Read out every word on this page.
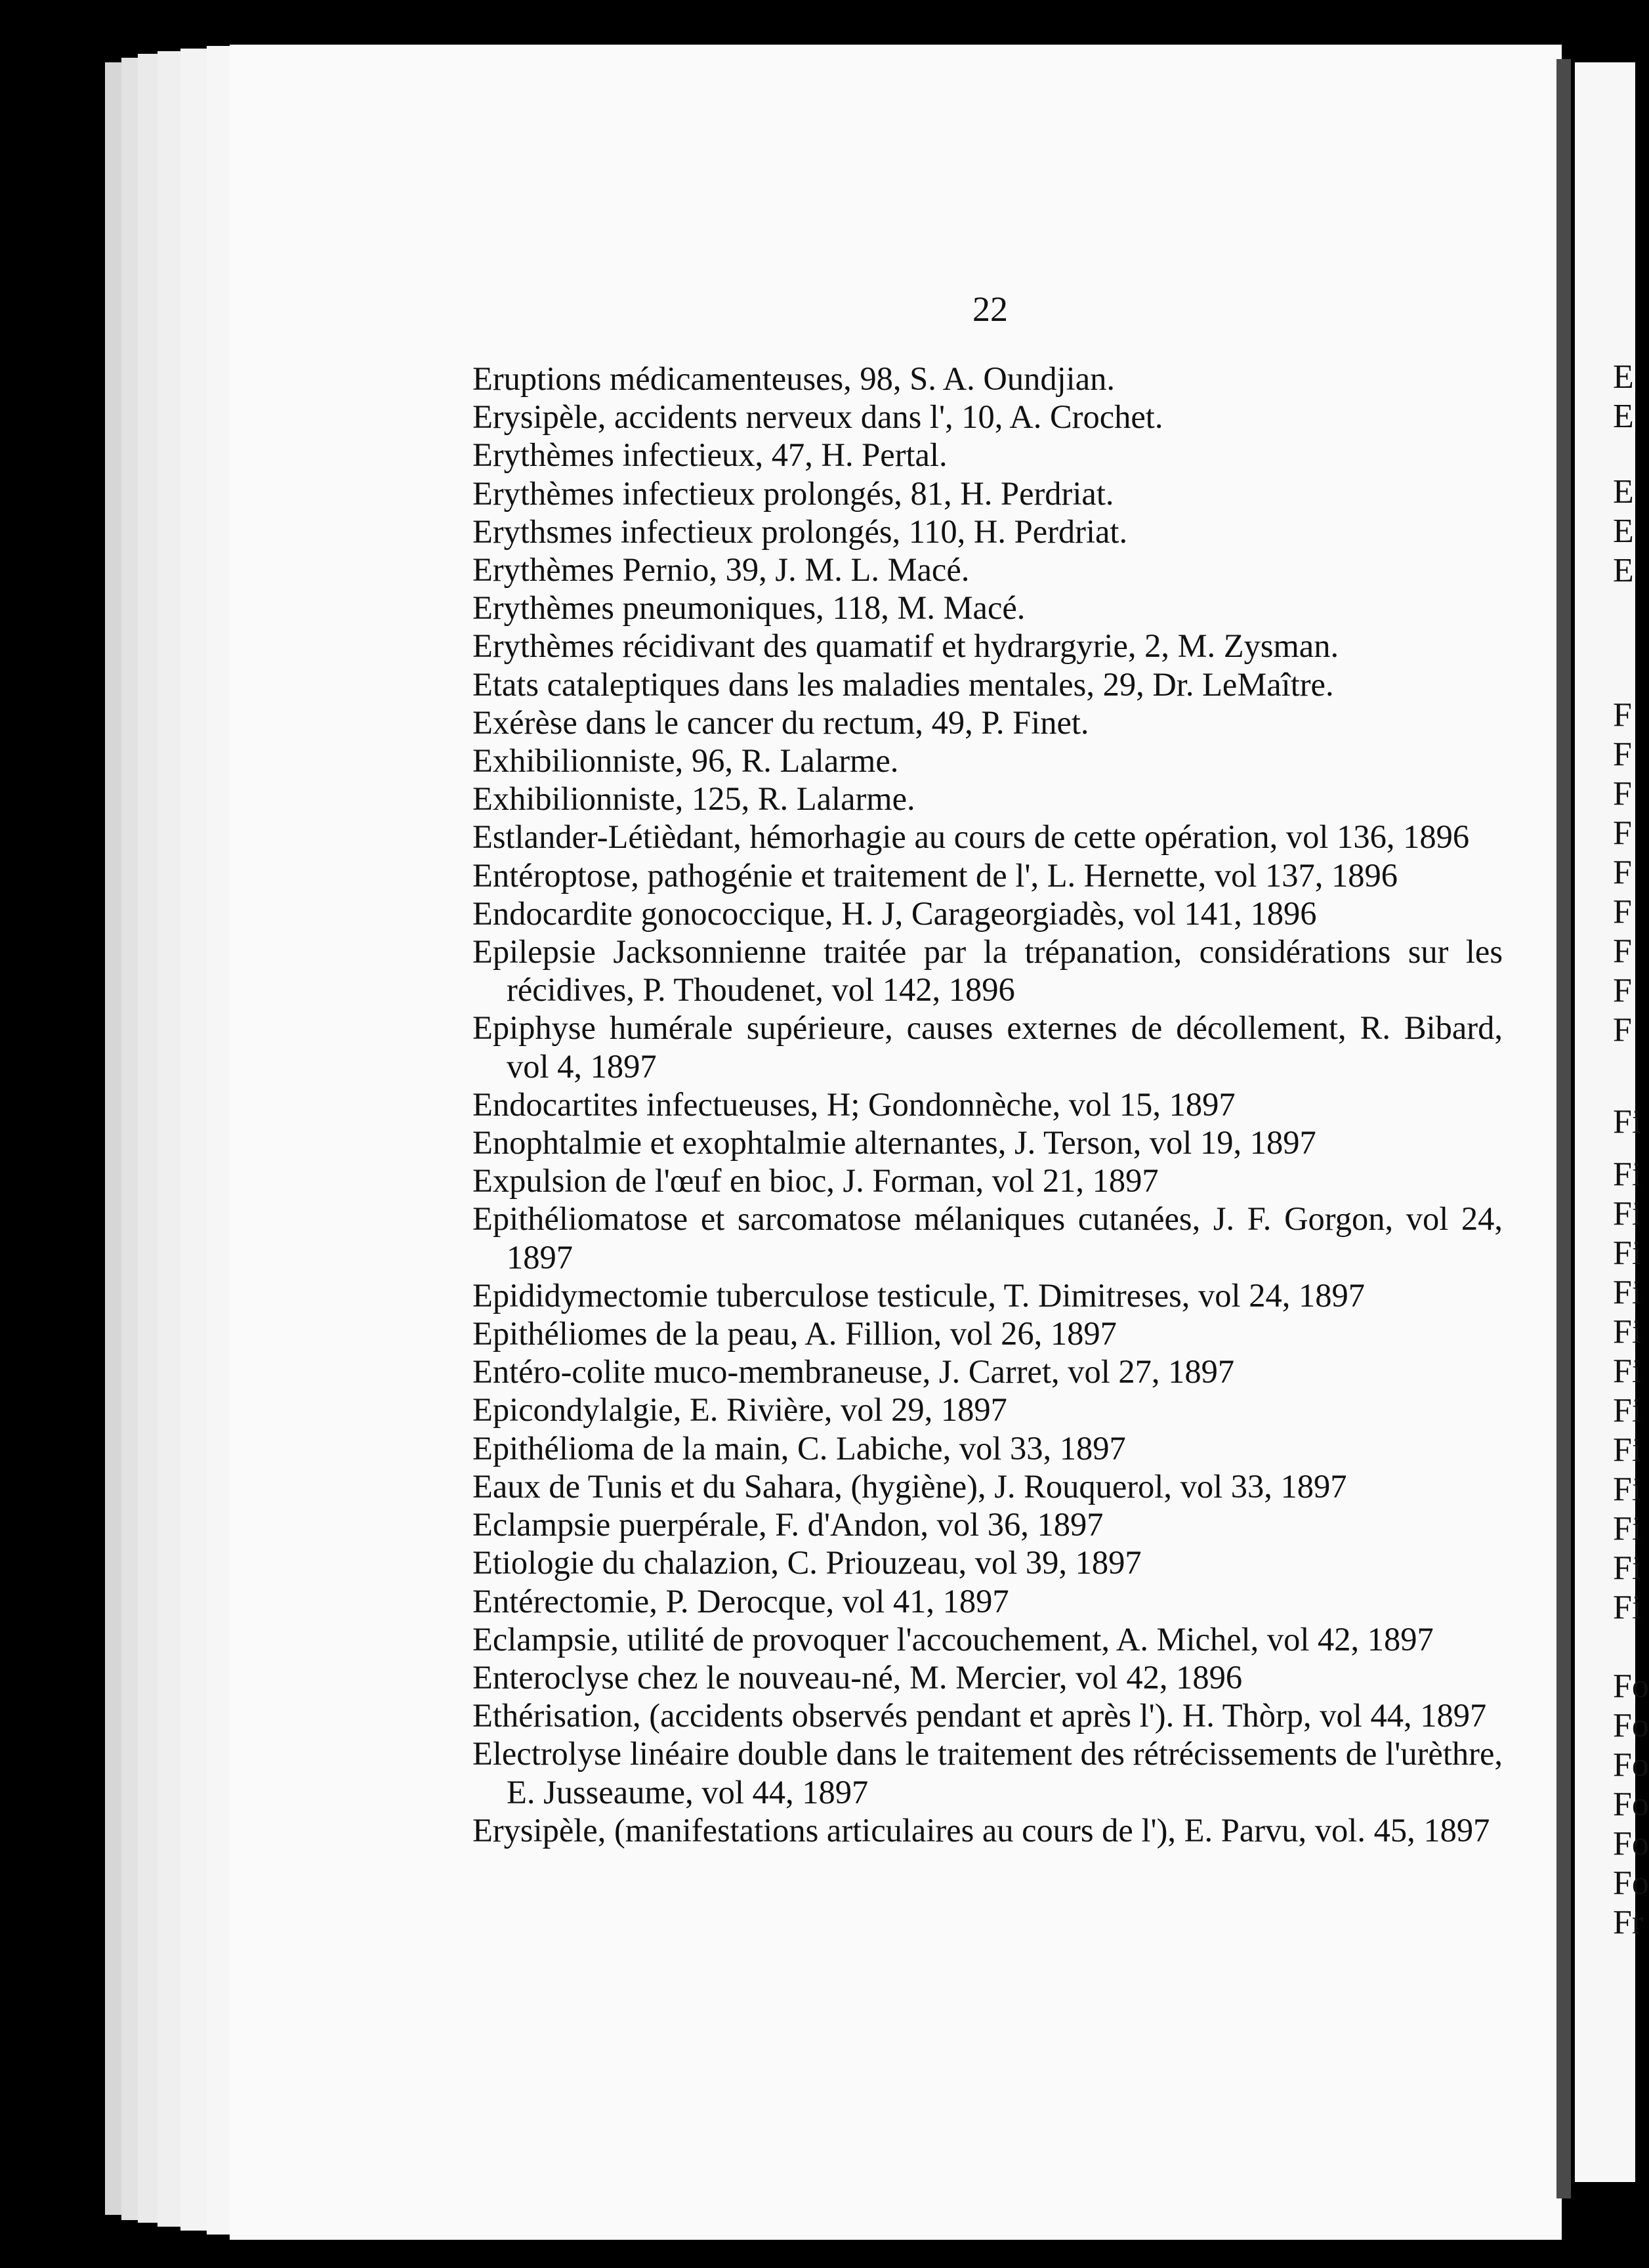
E
E
E
E
E
F
F
F
F
F
F
F
F
F
Fi
Fi
Fi
Fi
Fi
Fi
Fi
Fi
Fi
Fi
Fi
Fi
Fi
Fo
Fo
Fo
Fo
Fo
Fo
Fr
22
Eruptions médicamenteuses, 98, S. A. Oundjian.
Erysipèle, accidents nerveux dans l', 10, A. Crochet.
Erythèmes infectieux, 47, H. Pertal.
Erythèmes infectieux prolongés, 81, H. Perdriat.
Erythsmes infectieux prolongés, 110, H. Perdriat.
Erythèmes Pernio, 39, J. M. L. Macé.
Erythèmes pneumoniques, 118, M. Macé.
Erythèmes récidivant des quamatif et hydrargyrie, 2, M. Zysman.
Etats cataleptiques dans les maladies mentales, 29, Dr. LeMaître.
Exérèse dans le cancer du rectum, 49, P. Finet.
Exhibilionniste, 96, R. Lalarme.
Exhibilionniste, 125, R. Lalarme.
Estlander-Létièdant, hémorhagie au cours de cette opération, vol 136, 1896
Entéroptose, pathogénie et traitement de l', L. Hernette, vol 137, 1896
Endocardite gonococcique, H. J, Carageorgiadès, vol 141, 1896
Epilepsie Jacksonnienne traitée par la trépanation, considérations sur les récidives, P. Thoudenet, vol 142, 1896
Epiphyse humérale supérieure, causes externes de décollement, R. Bibard, vol 4, 1897
Endocartites infectueuses, H; Gondonnèche, vol 15, 1897
Enophtalmie et exophtalmie alternantes, J. Terson, vol 19, 1897
Expulsion de l'œuf en bioc, J. Forman, vol 21, 1897
Epithéliomatose et sarcomatose mélaniques cutanées, J. F. Gorgon, vol 24, 1897
Epididymectomie tuberculose testicule, T. Dimitreses, vol 24, 1897
Epithéliomes de la peau, A. Fillion, vol 26, 1897
Entéro-colite muco-membraneuse, J. Carret, vol 27, 1897
Epicondylalgie, E. Rivière, vol 29, 1897
Epithélioma de la main, C. Labiche, vol 33, 1897
Eaux de Tunis et du Sahara, (hygiène), J. Rouquerol, vol 33, 1897
Eclampsie puerpérale, F. d'Andon, vol 36, 1897
Etiologie du chalazion, C. Priouzeau, vol 39, 1897
Entérectomie, P. Derocque, vol 41, 1897
Eclampsie, utilité de provoquer l'accouchement, A. Michel, vol 42, 1897
Enteroclyse chez le nouveau-né, M. Mercier, vol 42, 1896
Ethérisation, (accidents observés pendant et après l'). H. Thòrp, vol 44, 1897
Electrolyse linéaire double dans le traitement des rétrécissements de l'urèthre, E. Jusseaume, vol 44, 1897
Erysipèle, (manifestations articulaires au cours de l'), E. Parvu, vol. 45, 1897
